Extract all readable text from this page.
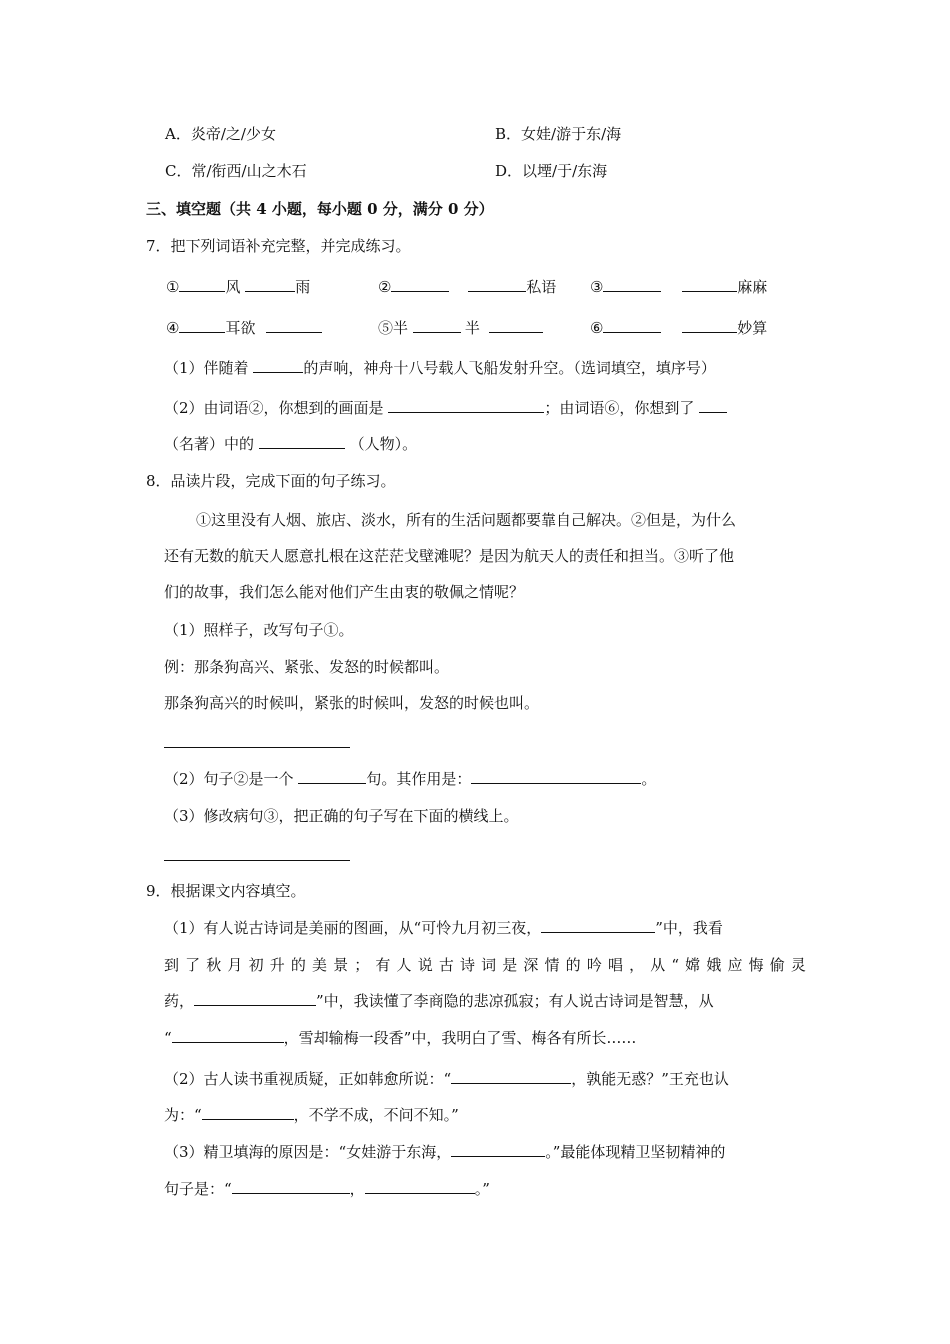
A．炎帝/之/少女	B．女娃/游于东/海
C．常/衔西/山之木石	D．以堙/于/东海
三、填空题（共 4 小题，每小题 0 分，满分 0 分）
7．把下列词语补充完整，并完成练习。
①	风	雨	②	私语 ③	麻麻
④	耳欲	⑤半	半	⑥	妙算
（1）伴随着	的声响，神舟十八号载人飞船发射升空。（选词填空，填序号）
（2）由词语②，你想到的画面是	；由词语⑥，你想到了
（名著）中的	（人物）。
8．品读片段，完成下面的句子练习。
①这里没有人烟、旅店、淡水，所有的生活问题都要靠自己解决。②但是，为什么
还有无数的航天人愿意扎根在这茫茫戈壁滩呢？是因为航天人的责任和担当。③听了他
们的故事，我们怎么能对他们产生由衷的敬佩之情呢？
（1）照样子，改写句子①。
例：那条狗高兴、紧张、发怒的时候都叫。
那条狗高兴的时候叫，紧张的时候叫，发怒的时候也叫。
（2）句子②是一个	句。其作用是：	。
（3）修改病句③，把正确的句子写在下面的横线上。
9．根据课文内容填空。
（1）有人说古诗词是美丽的图画，从“可怜九月初三夜，	”中，我看
到 了 秋 月 初 升 的 美 景 ； 有 人 说 古 诗 词 是 深 情 的 吟 唱 ， 从 “ 嫦 娥 应 悔 偷 灵
药，	”中，我读懂了李商隐的悲凉孤寂；有人说古诗词是智慧，从
“	，雪却输梅一段香”中，我明白了雪、梅各有所长……
（2）古人读书重视质疑，正如韩愈所说：“	，孰能无惑？”王充也认
为：“	，不学不成，不问不知。”
（3）精卫填海的原因是：“女娃游于东海，	。”最能体现精卫坚韧精神的
句子是：“	，	。”
